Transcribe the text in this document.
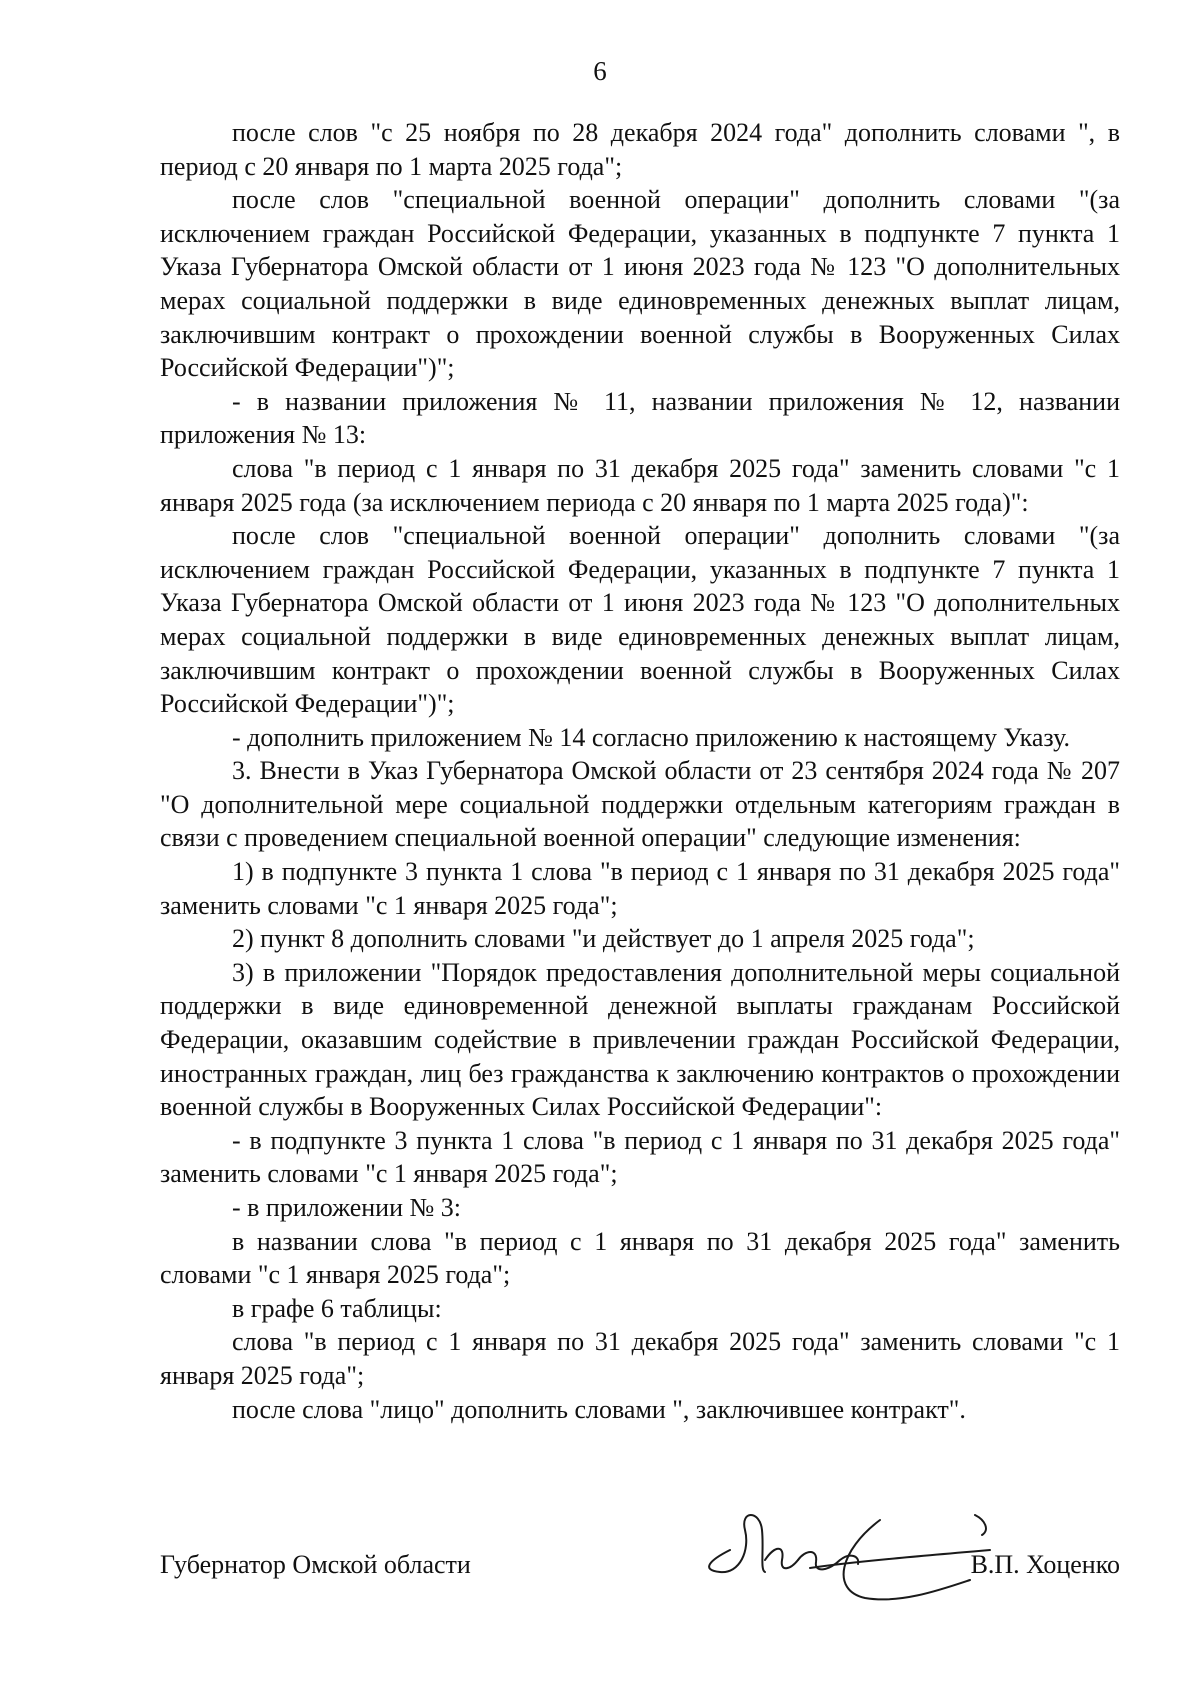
6

после слов "с 25 ноября по 28 декабря 2024 года" дополнить словами ", в период с 20 января по 1 марта 2025 года";

после слов "специальной военной операции" дополнить словами "(за исключением граждан Российской Федерации, указанных в подпункте 7 пункта 1 Указа Губернатора Омской области от 1 июня 2023 года № 123 "О дополнительных мерах социальной поддержки в виде единовременных денежных выплат лицам, заключившим контракт о прохождении военной службы в Вооруженных Силах Российской Федерации")";

- в названии приложения № 11, названии приложения № 12, названии приложения № 13:

слова "в период с 1 января по 31 декабря 2025 года" заменить словами "с 1 января 2025 года (за исключением периода с 20 января по 1 марта 2025 года)":

после слов "специальной военной операции" дополнить словами "(за исключением граждан Российской Федерации, указанных в подпункте 7 пункта 1 Указа Губернатора Омской области от 1 июня 2023 года № 123 "О дополнительных мерах социальной поддержки в виде единовременных денежных выплат лицам, заключившим контракт о прохождении военной службы в Вооруженных Силах Российской Федерации")";

- дополнить приложением № 14 согласно приложению к настоящему Указу.

3. Внести в Указ Губернатора Омской области от 23 сентября 2024 года № 207 "О дополнительной мере социальной поддержки отдельным категориям граждан в связи с проведением специальной военной операции" следующие изменения:

1) в подпункте 3 пункта 1 слова "в период с 1 января по 31 декабря 2025 года" заменить словами "с 1 января 2025 года";

2) пункт 8 дополнить словами "и действует до 1 апреля 2025 года";

3) в приложении "Порядок предоставления дополнительной меры социальной поддержки в виде единовременной денежной выплаты гражданам Российской Федерации, оказавшим содействие в привлечении граждан Российской Федерации, иностранных граждан, лиц без гражданства к заключению контрактов о прохождении военной службы в Вооруженных Силах Российской Федерации":

- в подпункте 3 пункта 1 слова "в период с 1 января по 31 декабря 2025 года" заменить словами "с 1 января 2025 года";

- в приложении № 3:

в названии слова "в период с 1 января по 31 декабря 2025 года" заменить словами "с 1 января 2025 года";

в графе 6 таблицы:

слова "в период с 1 января по 31 декабря 2025 года" заменить словами "с 1 января 2025 года";

после слова "лицо" дополнить словами ", заключившее контракт".

Губернатор Омской области	В.П. Хоценко
